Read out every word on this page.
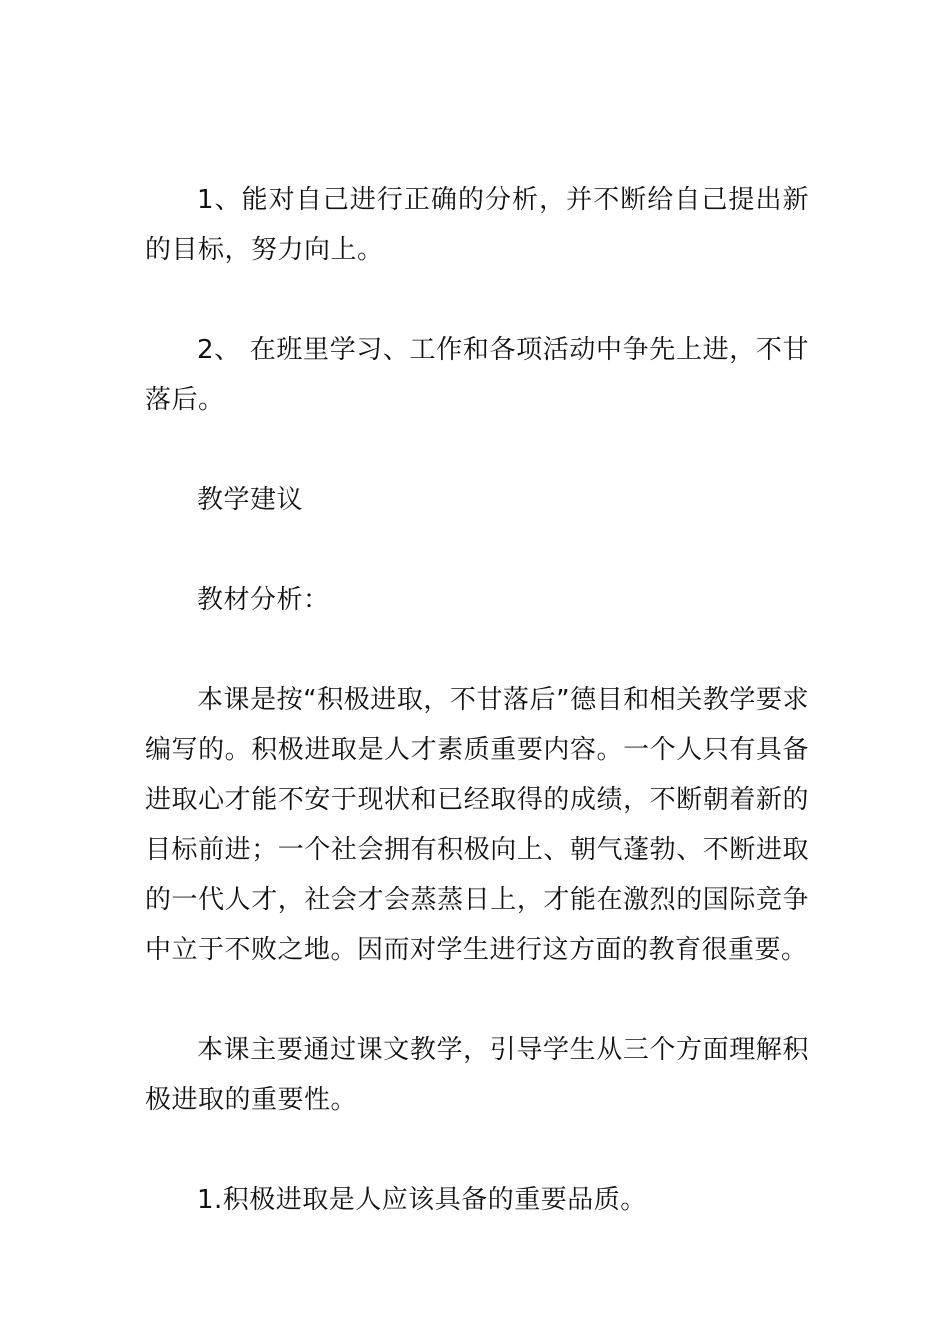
1、能对自己进行正确的分析，并不断给自己提出新的目标，努力向上。

2、 在班里学习、工作和各项活动中争先上进，不甘落后。

教学建议

教材分析：

本课是按“积极进取，不甘落后”德目和相关教学要求编写的。积极进取是人才素质重要内容。一个人只有具备进取心才能不安于现状和已经取得的成绩，不断朝着新的目标前进；一个社会拥有积极向上、朝气蓬勃、不断进取的一代人才，社会才会蒸蒸日上，才能在激烈的国际竞争中立于不败之地。因而对学生进行这方面的教育很重要。

本课主要通过课文教学，引导学生从三个方面理解积极进取的重要性。

1.积极进取是人应该具备的重要品质。
